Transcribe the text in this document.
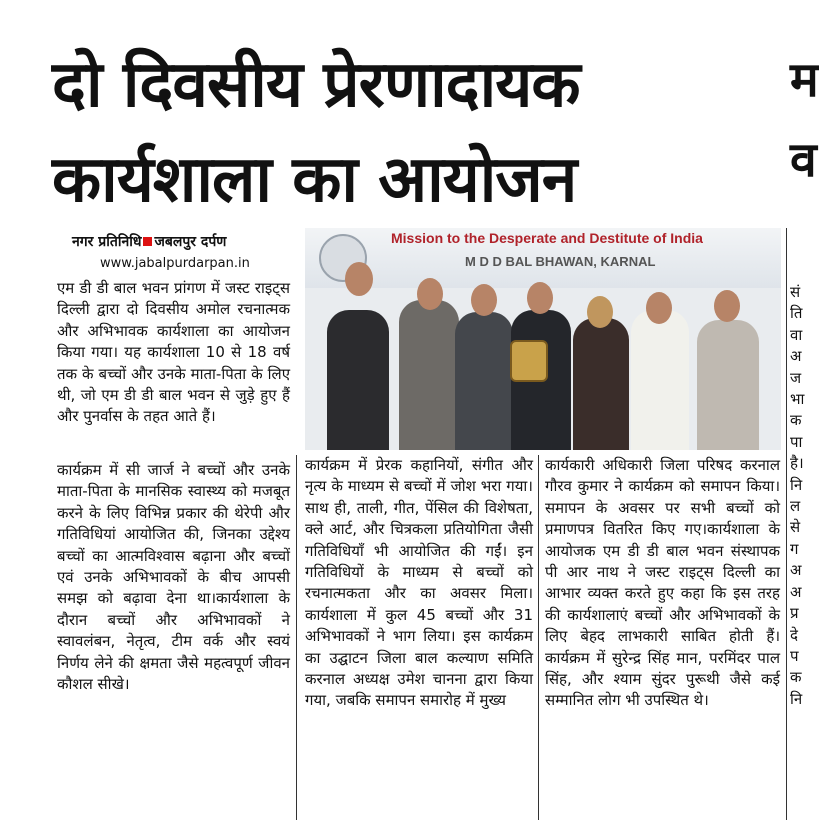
दो दिवसीय प्रेरणादायक
कार्यशाला का आयोजन
नगर प्रतिनिधि जबलपुर दर्पण
www.jabalpurdarpan.in
Mission to the Desperate and Destitute of India
M D D BAL BHAWAN, KARNAL

एम डी डी बाल भवन प्रांगण में जस्ट राइट्स दिल्ली द्वारा दो दिवसीय अमोल रचनात्मक और अभिभावक कार्यशाला का आयोजन किया गया। यह कार्यशाला 10 से 18 वर्ष तक के बच्चों और उनके माता-पिता के लिए थी, जो एम डी डी बाल भवन से जुड़े हुए हैं और पुनर्वास के तहत आते हैं।

कार्यक्रम में सी जार्ज ने बच्चों और उनके माता-पिता के मानसिक स्वास्थ्य को मजबूत करने के लिए विभिन्न प्रकार की थेरेपी और गतिविधियां आयोजित की, जिनका उद्देश्य बच्चों का आत्मविश्वास बढ़ाना और बच्चों एवं उनके अभिभावकों के बीच आपसी समझ को बढ़ावा देना था।कार्यशाला के दौरान बच्चों और अभिभावकों ने स्वावलंबन, नेतृत्व, टीम वर्क और स्वयं निर्णय लेने की क्षमता जैसे महत्वपूर्ण जीवन कौशल सीखे।

कार्यक्रम में प्रेरक कहानियों, संगीत और नृत्य के माध्यम से बच्चों में जोश भरा गया। साथ ही, ताली, गीत, पेंसिल की विशेषता, क्ले आर्ट, और चित्रकला प्रतियोगिता जैसी गतिविधियाँ भी आयोजित की गईं। इन गतिविधियों के माध्यम से बच्चों को रचनात्मकता और का अवसर मिला।कार्यशाला में कुल 45 बच्चों और 31 अभिभावकों ने भाग लिया। इस कार्यक्रम का उद्घाटन जिला बाल कल्याण समिति करनाल अध्यक्ष उमेश चानना द्वारा किया गया, जबकि समापन समारोह में मुख्य

कार्यकारी अधिकारी जिला परिषद करनाल गौरव कुमार ने कार्यक्रम को समापन किया। समापन के अवसर पर सभी बच्चों को प्रमाणपत्र वितरित किए गए।कार्यशाला के आयोजक एम डी डी बाल भवन संस्थापक पी आर नाथ ने जस्ट राइट्स दिल्ली का आभार व्यक्त करते हुए कहा कि इस तरह की कार्यशालाएं बच्चों और अभिभावकों के लिए बेहद लाभकारी साबित होती हैं। कार्यक्रम में सुरेन्द्र सिंह मान, परमिंदर पाल सिंह, और श्याम सुंदर पुरूथी जैसे कई सम्मानित लोग भी उपस्थित थे।

म
व
सं
ति
वा
अ
ज
भा
क
पा
है।
नि
ल
से
ग
अ
अ
प्र
दे
प
क
नि
